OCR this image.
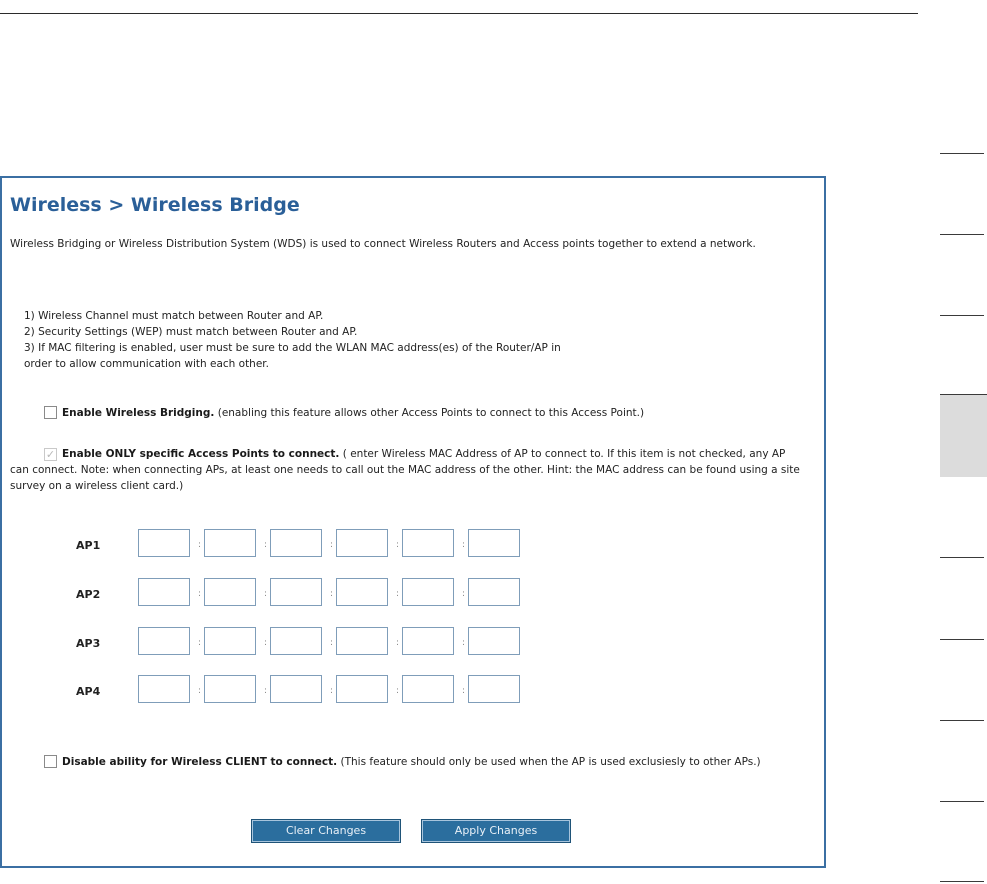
Wireless > Wireless Bridge
Wireless Bridging or Wireless Distribution System (WDS) is used to connect Wireless Routers and Access points together to extend a network.
1) Wireless Channel must match between Router and AP.
2) Security Settings (WEP) must match between Router and AP.
3) If MAC filtering is enabled, user must be sure to add the WLAN MAC address(es) of the Router/AP in
order to allow communication with each other.
Enable Wireless Bridging. (enabling this feature allows other Access Points to connect to this Access Point.)
✓ Enable ONLY specific Access Points to connect. ( enter Wireless MAC Address of AP to connect to. If this item is not checked, any AP can connect. Note: when connecting APs, at least one needs to call out the MAC address of the other. Hint: the MAC address can be found using a site survey on a wireless client card.)
AP1	:	:	:	:	:
AP2	:	:	:	:	:
AP3	:	:	:	:	:
AP4	:	:	:	:	:
Disable ability for Wireless CLIENT to connect. (This feature should only be used when the AP is used exclusiesly to other APs.)
Clear Changes	Apply Changes
